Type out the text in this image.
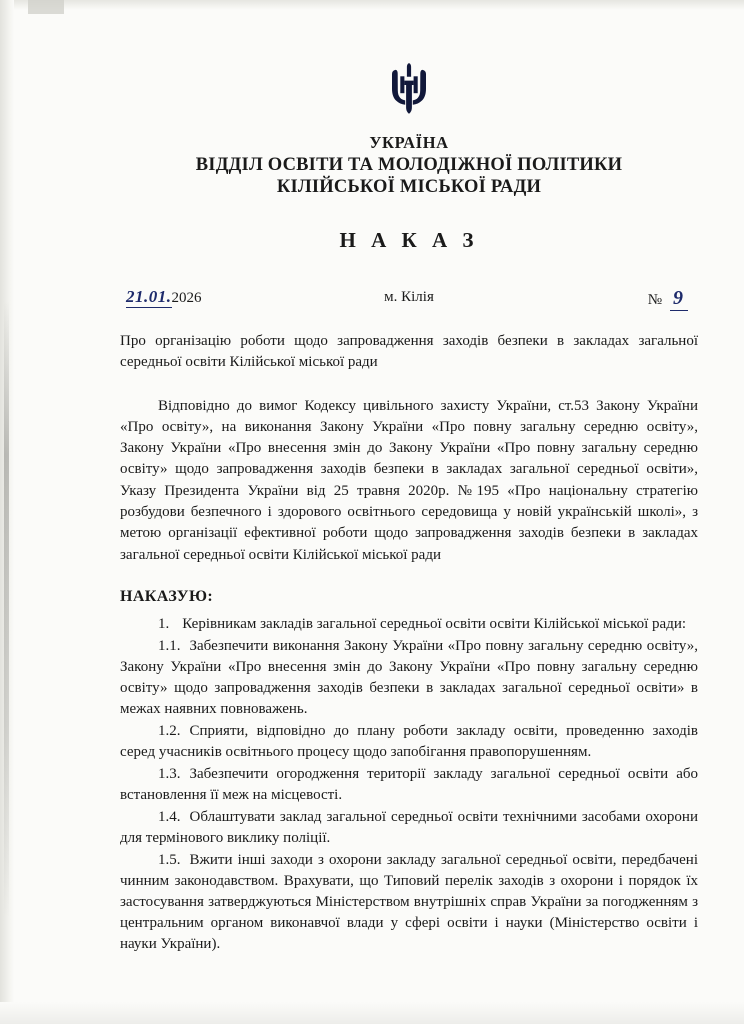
УКРАЇНА
ВІДДІЛ ОСВІТИ ТА МОЛОДІЖНОЇ ПОЛІТИКИ
КІЛІЙСЬКОЇ МІСЬКОЇ РАДИ
Н А К А З
21.01.2026	м. Кілія	№ 9
Про організацію роботи щодо запровадження заходів безпеки в закладах загальної середньої освіти Кілійської міської ради
Відповідно до вимог Кодексу цивільного захисту України, ст.53 Закону України «Про освіту», на виконання Закону України «Про повну загальну середню освіту», Закону України «Про внесення змін до Закону України «Про повну загальну середню освіту» щодо запровадження заходів безпеки в закладах загальної середньої освіти», Указу Президента України від 25 травня 2020р. №195 «Про національну стратегію розбудови безпечного і здорового освітнього середовища у новій українській школі», з метою організації ефективної роботи щодо запровадження заходів безпеки в закладах загальної середньої освіти Кілійської міської ради
НАКАЗУЮ:
1. Керівникам закладів загальної середньої освіти освіти Кілійської міської ради:
1.1. Забезпечити виконання Закону України «Про повну загальну середню освіту», Закону України «Про внесення змін до Закону України «Про повну загальну середню освіту» щодо запровадження заходів безпеки в закладах загальної середньої освіти» в межах наявних повноважень.
1.2. Сприяти, відповідно до плану роботи закладу освіти, проведенню заходів серед учасників освітнього процесу щодо запобігання правопорушенням.
1.3. Забезпечити огородження території закладу загальної середньої освіти або встановлення її меж на місцевості.
1.4. Облаштувати заклад загальної середньої освіти технічними засобами охорони для термінового виклику поліції.
1.5. Вжити інші заходи з охорони закладу загальної середньої освіти, передбачені чинним законодавством. Врахувати, що Типовий перелік заходів з охорони і порядок їх застосування затверджуються Міністерством внутрішніх справ України за погодженням з центральним органом виконавчої влади у сфері освіти і науки (Міністерство освіти і науки України).
